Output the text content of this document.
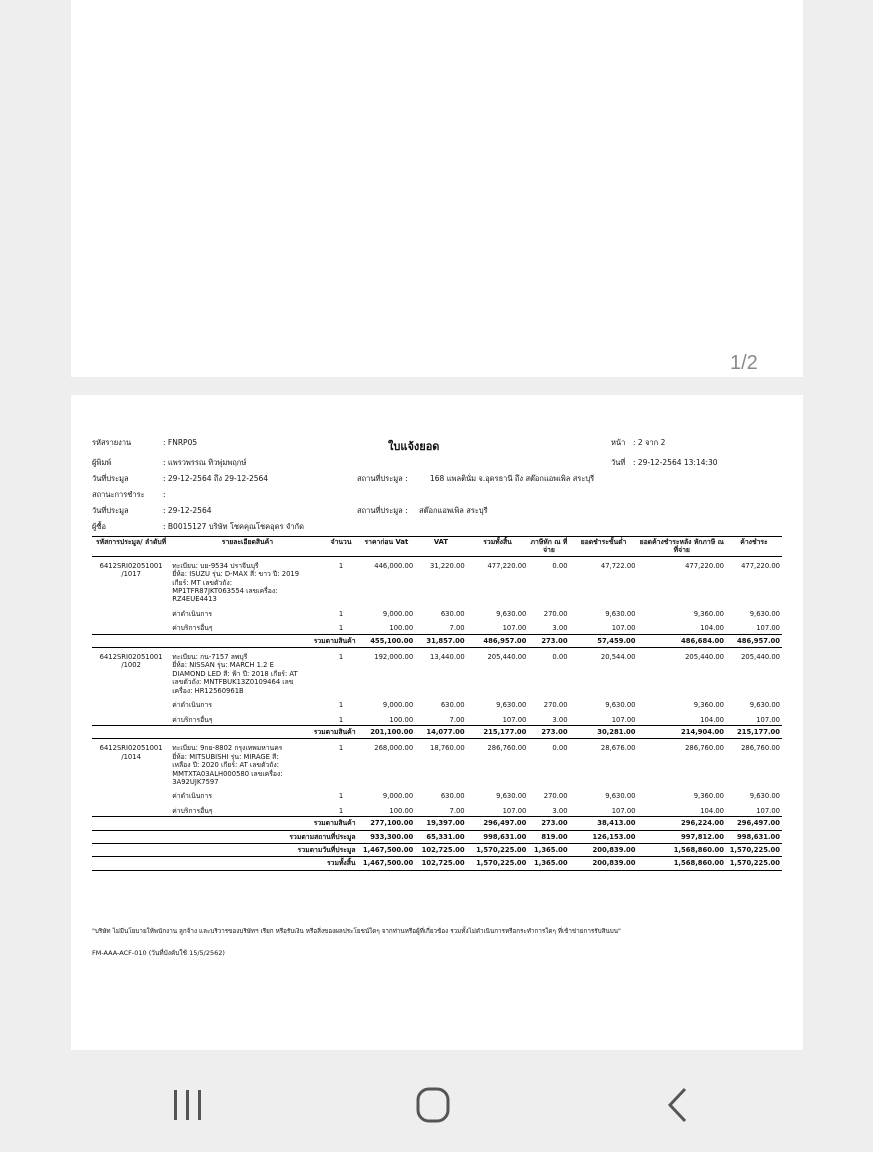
1/2
รหัสรายงาน	: FNRP05
ผู้พิมพ์	: แพรวพรรณ ทิวพุ่มพฤกษ์
วันที่ประมูล	: 29-12-2564 ถึง 29-12-2564
สถานะการชำระ :
วันที่ประมูล	: 29-12-2564
ผู้ซื้อ	: B0015127 บริษัท โชคคุณโชคอุดร จำกัด
ใบแจ้งยอด	หน้า : 2 จาก 2
วันที่ : 29-12-2564 13:14:30
สถานที่ประมูล :	168 แพลตินั่ม จ.อุดรธานี ถึง สต๊อกแอพเพิล สระบุรี
สถานที่ประมูล : สต๊อกแอพเพิล สระบุรี
รหัสการประมูล/ ลำดับที่	รายละเอียดสินค้า	จำนวน	ราคาก่อน Vat	VAT	รวมทั้งสิ้น	ภาษีหัก ณ ที่จ่าย	ยอดชำระขั้นต่ำ	ยอดค้างชำระหลัง หักภาษี ณ ที่จ่าย	ค้างชำระ
6412SRI02051001
/1017	ทะเบียน: บย-9534 ปราจีนบุรี
ยี่ห้อ: ISUZU รุ่น: D-MAX สี: ขาว ปี: 2019
เกียร์: MT เลขตัวถัง:
MP1TFR87JKT063554 เลขเครื่อง:
RZ4EUE4413	1	446,000.00	31,220.00	477,220.00	0.00	47,722.00	477,220.00	477,220.00
	ค่าดำเนินการ	1	9,000.00	630.00	9,630.00	270.00	9,630.00	9,360.00	9,630.00
	ค่าบริการอื่นๆ	1	100.00	7.00	107.00	3.00	107.00	104.00	107.00
	รวมตามสินค้า		455,100.00	31,857.00	486,957.00	273.00	57,459.00	486,684.00	486,957.00
6412SRI02051001
/1002	ทะเบียน: กน-7157 ลพบุรี
ยี่ห้อ: NISSAN รุ่น: MARCH 1.2 E
DIAMOND LED สี: ฟ้า ปี: 2018 เกียร์: AT
เลขตัวถัง: MNTFBUK13Z0109464 เลข
เครื่อง: HR12560961B	1	192,000.00	13,440.00	205,440.00	0.00	20,544.00	205,440.00	205,440.00
	ค่าดำเนินการ	1	9,000.00	630.00	9,630.00	270.00	9,630.00	9,360.00	9,630.00
	ค่าบริการอื่นๆ	1	100.00	7.00	107.00	3.00	107.00	104.00	107.00
	รวมตามสินค้า		201,100.00	14,077.00	215,177.00	273.00	30,281.00	214,904.00	215,177.00
6412SRI02051001
/1014	ทะเบียน: 9กย-8802 กรุงเทพมหานคร
ยี่ห้อ: MITSUBISHI รุ่น: MIRAGE สี:
เหลือง ปี: 2020 เกียร์: AT เลขตัวถัง:
MMTXTA03ALH000580 เลขเครื่อง:
3A92UJK7597	1	268,000.00	18,760.00	286,760.00	0.00	28,676.00	286,760.00	286,760.00
	ค่าดำเนินการ	1	9,000.00	630.00	9,630.00	270.00	9,630.00	9,360.00	9,630.00
	ค่าบริการอื่นๆ	1	100.00	7.00	107.00	3.00	107.00	104.00	107.00
	รวมตามสินค้า		277,100.00	19,397.00	296,497.00	273.00	38,413.00	296,224.00	296,497.00
รวมตามสถานที่ประมูล			933,300.00	65,331.00	998,631.00	819.00	126,153.00	997,812.00	998,631.00
รวมตามวันที่ประมูล			1,467,500.00	102,725.00	1,570,225.00	1,365.00	200,839.00	1,568,860.00	1,570,225.00
รวมทั้งสิ้น			1,467,500.00	102,725.00	1,570,225.00	1,365.00	200,839.00	1,568,860.00	1,570,225.00
"บริษัท ไม่มีนโยบายให้พนักงาน ลูกจ้าง และบริวารของบริษัทฯ เรียก หรือรับเงิน หรือสิ่งของผลประโยชน์ใดๆ จากท่านหรือผู้ที่เกี่ยวข้อง รวมทั้งไม่ดำเนินการหรือกระทำการใดๆ ที่เข้าข่ายการรับสินบน"
FM-AAA-ACF-010 (วันที่บังคับใช้ 15/5/2562)
